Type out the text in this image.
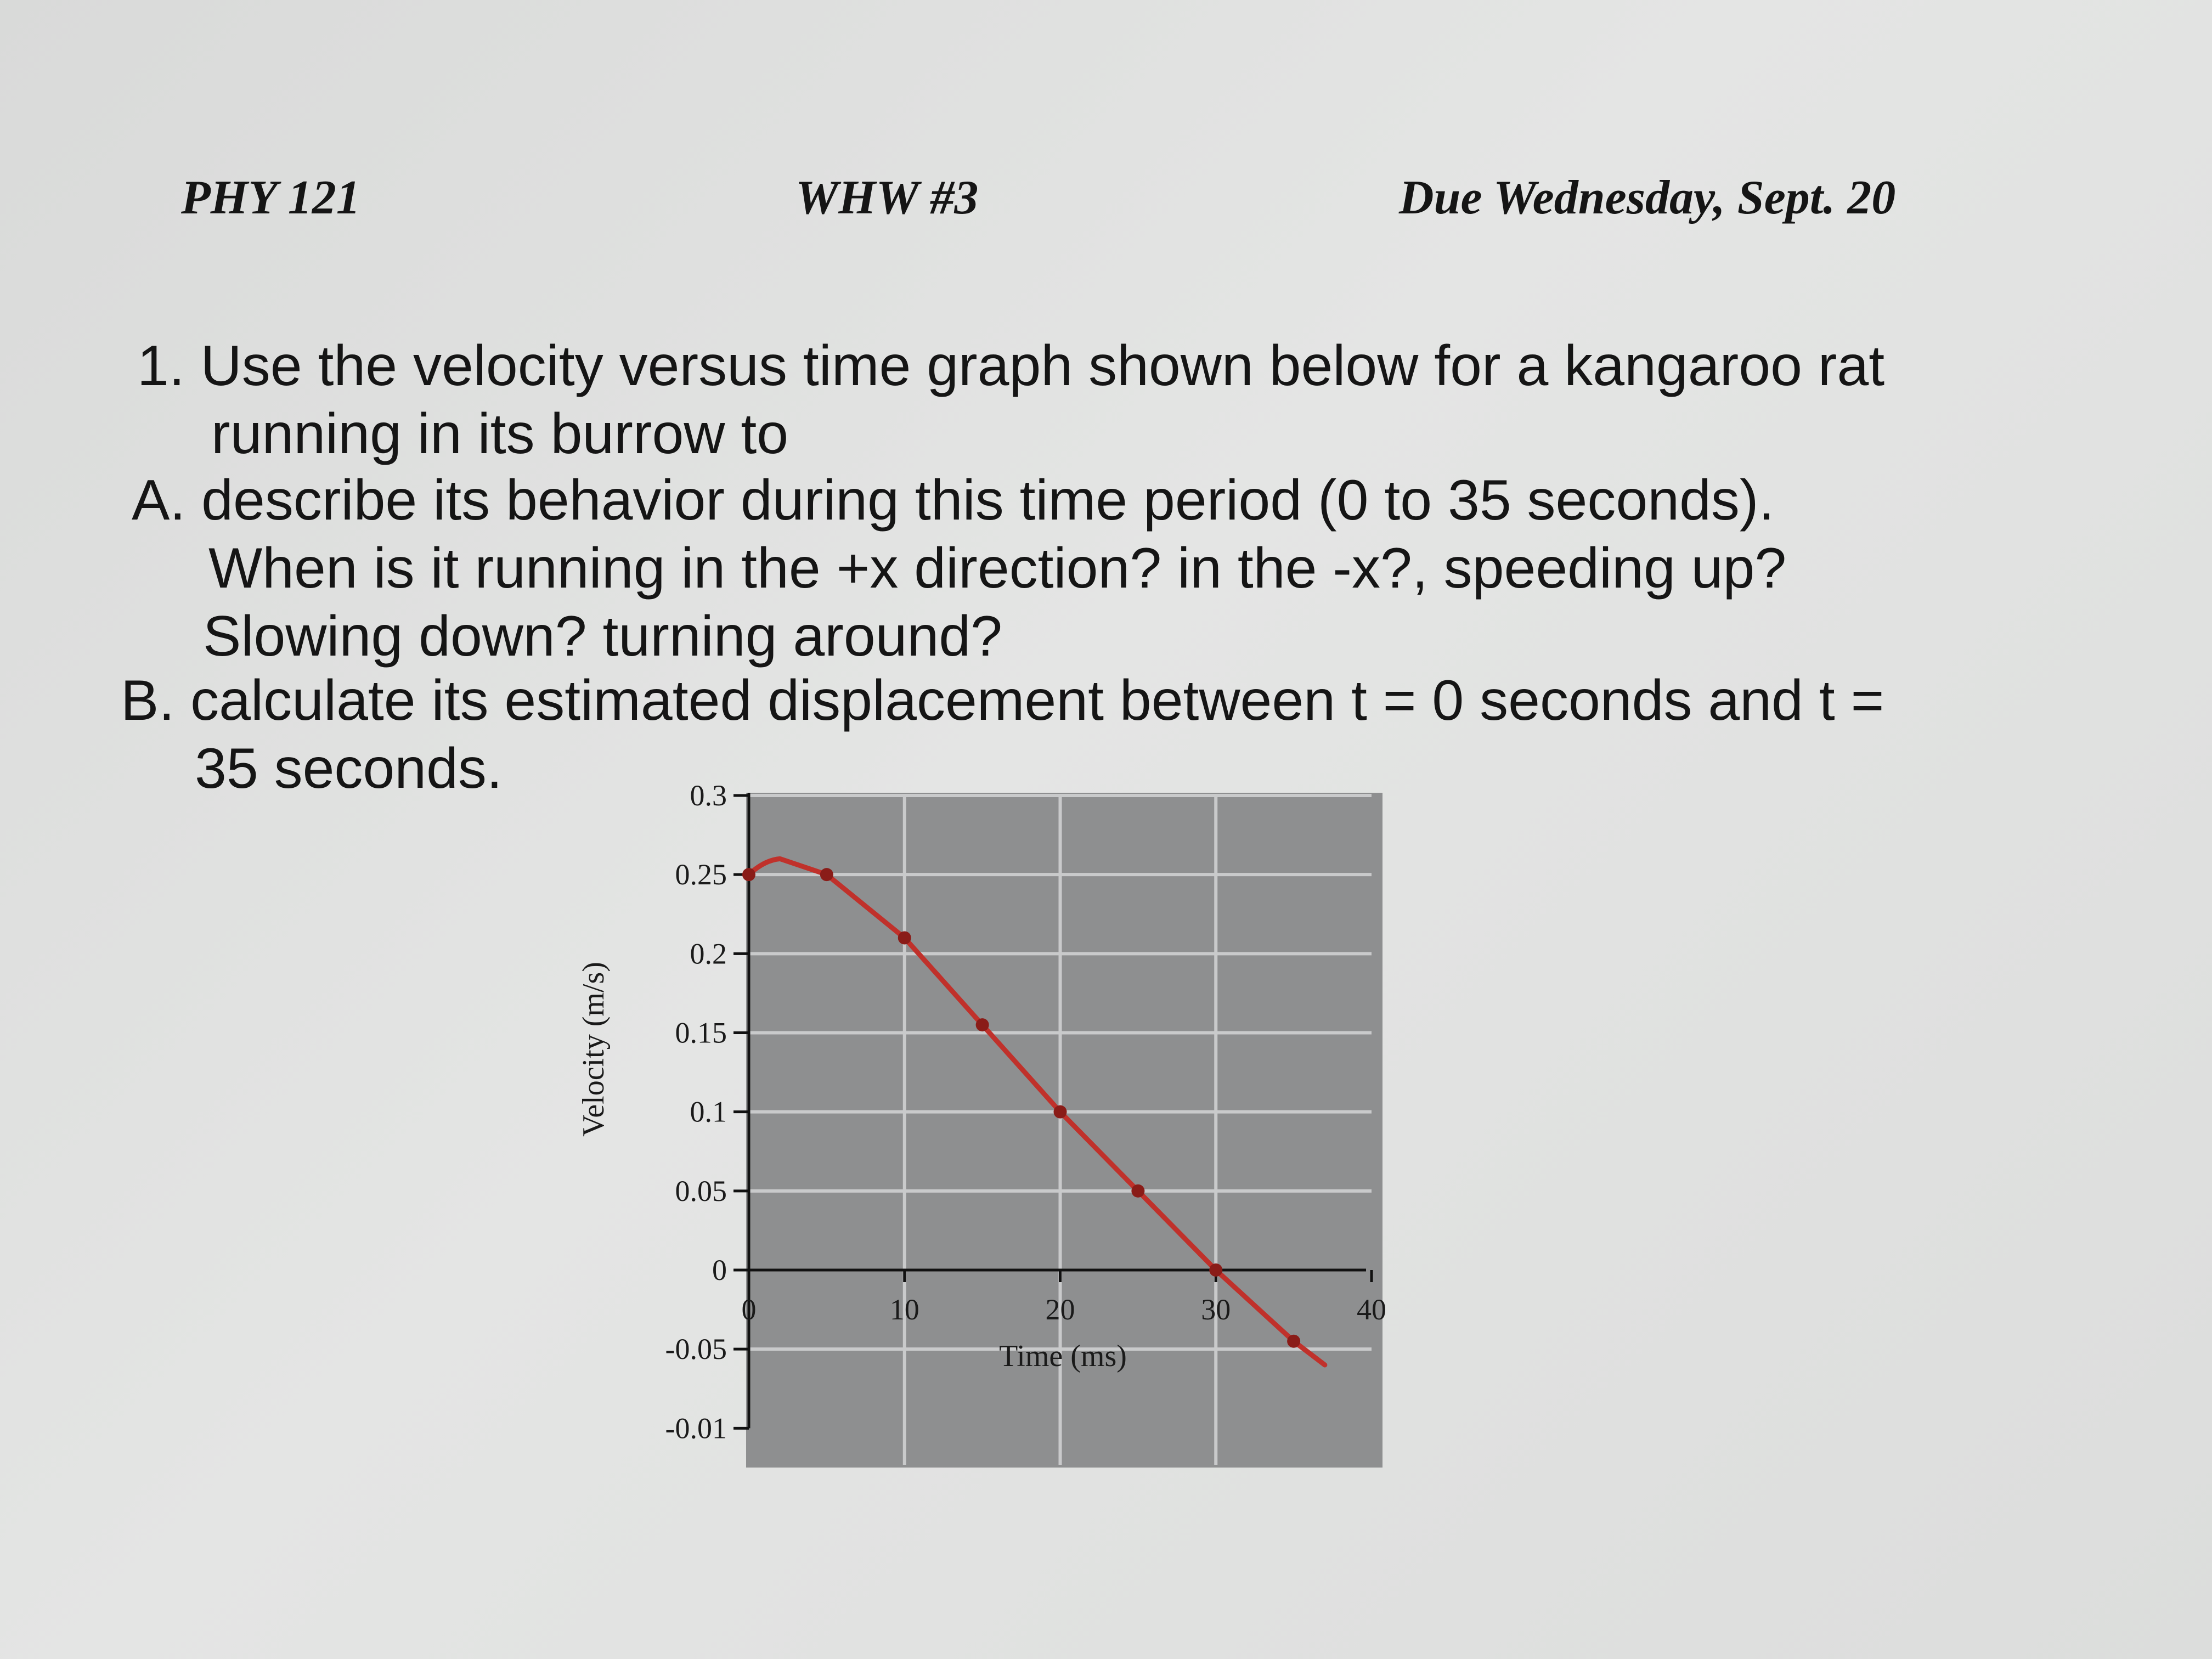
PHY 121	WHW #3	Due Wednesday, Sept. 20
1. Use the velocity versus time graph shown below for a kangaroo rat
running in its burrow to
A. describe its behavior during this time period (0 to 35 seconds).
When is it running in the +x direction? in the -x?, speeding up?
Slowing down? turning around?
B. calculate its estimated displacement between t = 0 seconds and t =
35 seconds.	0.3
0.25
0.2
0.15
0.1
0.05
0
-0.05
-0.01
0	10	20	30	40
Time (ms)
Velocity (m/s)
